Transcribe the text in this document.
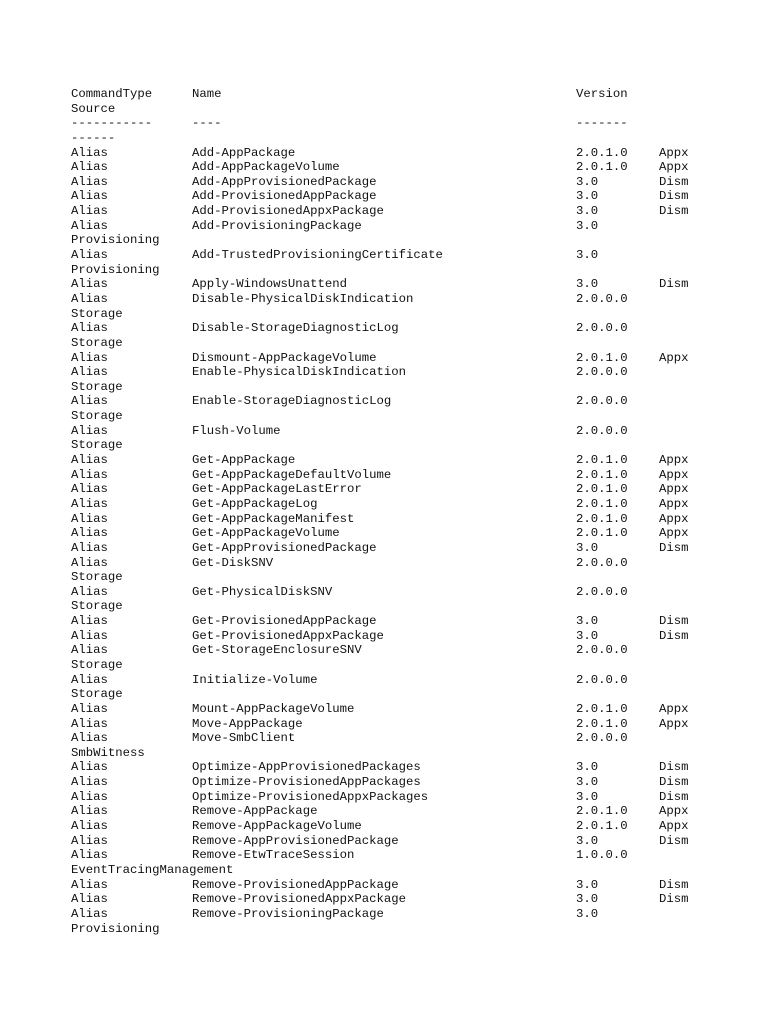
CommandType	Name	Version
Source
-----------	----	-------
------
Alias	Add-AppPackage	2.0.1.0	Appx
Alias	Add-AppPackageVolume	2.0.1.0	Appx
Alias	Add-AppProvisionedPackage	3.0	Dism
Alias	Add-ProvisionedAppPackage	3.0	Dism
Alias	Add-ProvisionedAppxPackage	3.0	Dism
Alias	Add-ProvisioningPackage	3.0
Provisioning
Alias	Add-TrustedProvisioningCertificate	3.0
Provisioning
Alias	Apply-WindowsUnattend	3.0	Dism
Alias	Disable-PhysicalDiskIndication	2.0.0.0
Storage
Alias	Disable-StorageDiagnosticLog	2.0.0.0
Storage
Alias	Dismount-AppPackageVolume	2.0.1.0	Appx
Alias	Enable-PhysicalDiskIndication	2.0.0.0
Storage
Alias	Enable-StorageDiagnosticLog	2.0.0.0
Storage
Alias	Flush-Volume	2.0.0.0
Storage
Alias	Get-AppPackage	2.0.1.0	Appx
Alias	Get-AppPackageDefaultVolume	2.0.1.0	Appx
Alias	Get-AppPackageLastError	2.0.1.0	Appx
Alias	Get-AppPackageLog	2.0.1.0	Appx
Alias	Get-AppPackageManifest	2.0.1.0	Appx
Alias	Get-AppPackageVolume	2.0.1.0	Appx
Alias	Get-AppProvisionedPackage	3.0	Dism
Alias	Get-DiskSNV	2.0.0.0
Storage
Alias	Get-PhysicalDiskSNV	2.0.0.0
Storage
Alias	Get-ProvisionedAppPackage	3.0	Dism
Alias	Get-ProvisionedAppxPackage	3.0	Dism
Alias	Get-StorageEnclosureSNV	2.0.0.0
Storage
Alias	Initialize-Volume	2.0.0.0
Storage
Alias	Mount-AppPackageVolume	2.0.1.0	Appx
Alias	Move-AppPackage	2.0.1.0	Appx
Alias	Move-SmbClient	2.0.0.0
SmbWitness
Alias	Optimize-AppProvisionedPackages	3.0	Dism
Alias	Optimize-ProvisionedAppPackages	3.0	Dism
Alias	Optimize-ProvisionedAppxPackages	3.0	Dism
Alias	Remove-AppPackage	2.0.1.0	Appx
Alias	Remove-AppPackageVolume	2.0.1.0	Appx
Alias	Remove-AppProvisionedPackage	3.0	Dism
Alias	Remove-EtwTraceSession	1.0.0.0
EventTracingManagement
Alias	Remove-ProvisionedAppPackage	3.0	Dism
Alias	Remove-ProvisionedAppxPackage	3.0	Dism
Alias	Remove-ProvisioningPackage	3.0
Provisioning
